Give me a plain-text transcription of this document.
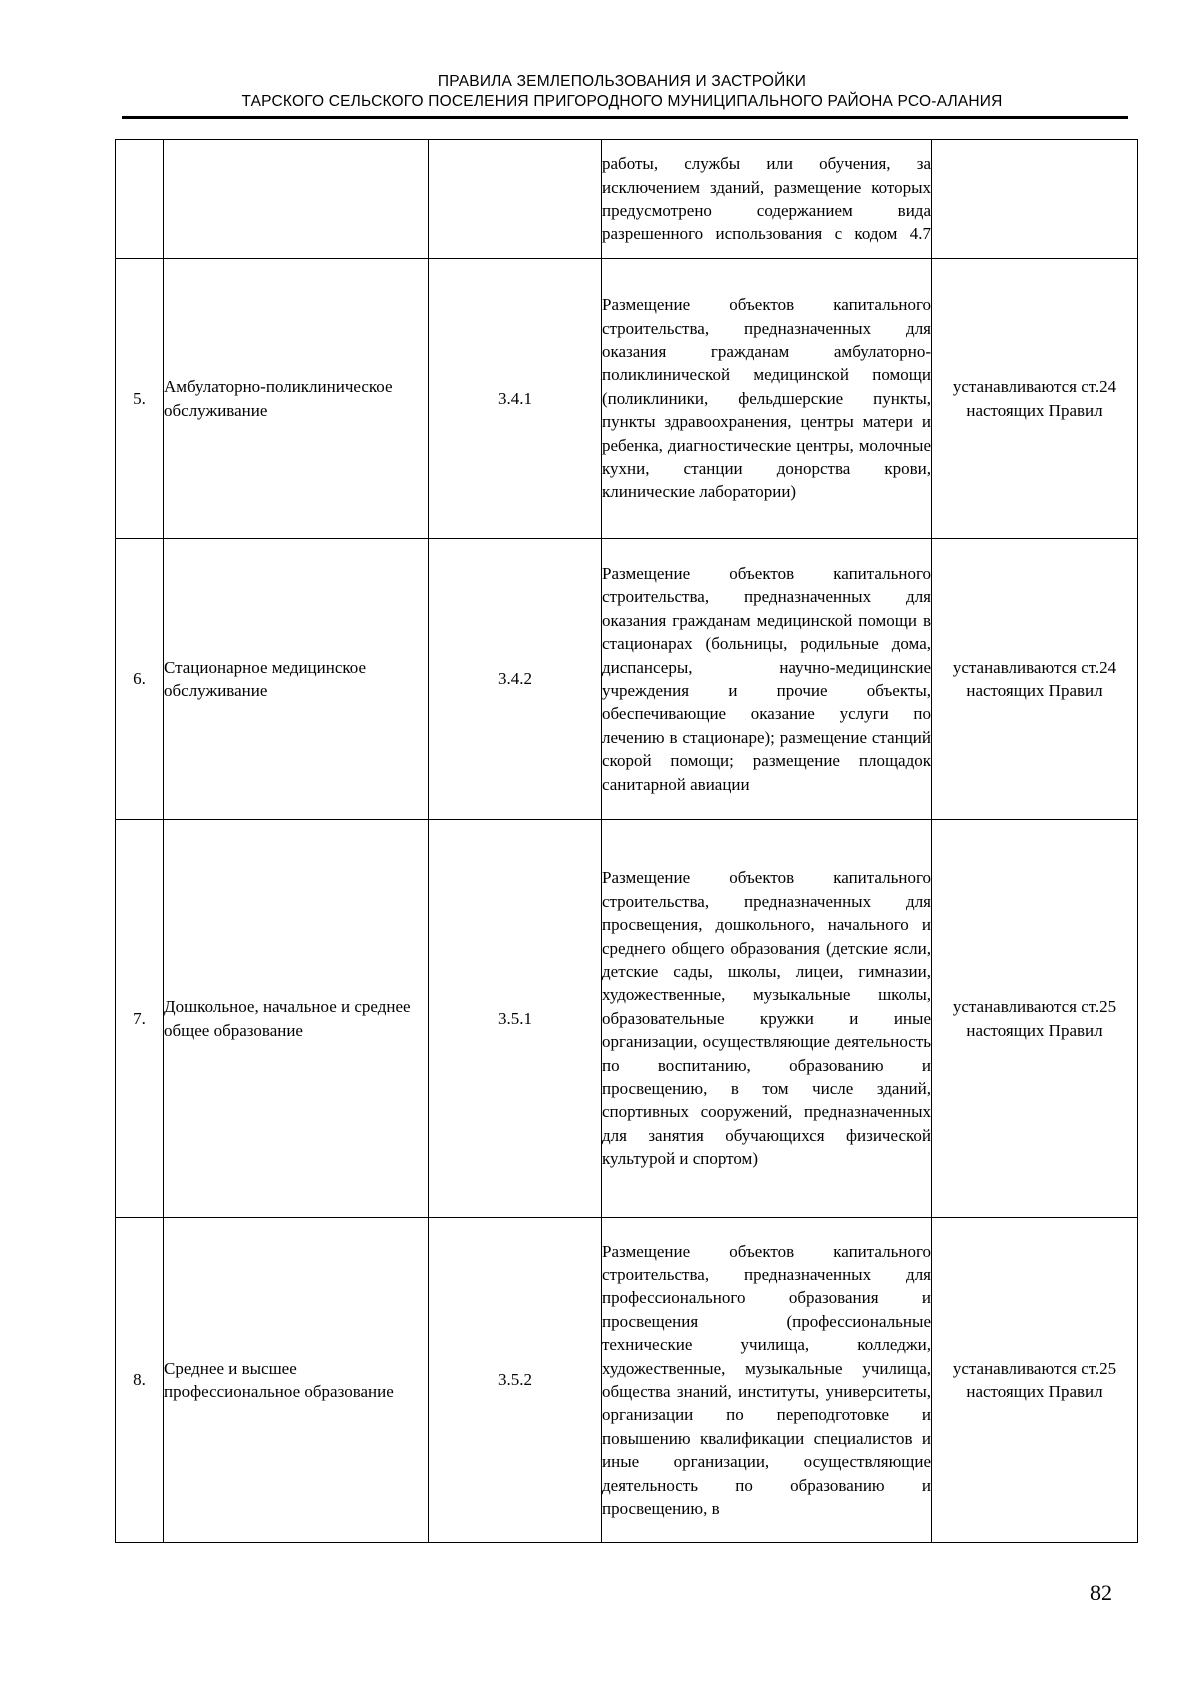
ПРАВИЛА ЗЕМЛЕПОЛЬЗОВАНИЯ И ЗАСТРОЙКИ
ТАРСКОГО СЕЛЬСКОГО ПОСЕЛЕНИЯ ПРИГОРОДНОГО МУНИЦИПАЛЬНОГО РАЙОНА РСО-АЛАНИЯ
			работы, службы или обучения, за исключением зданий, размещение которых предусмотрено содержанием вида разрешенного использования с кодом 4.7	
5.	Амбулаторно-поликлиническое обслуживание	3.4.1	Размещение объектов капитального строительства, предназначенных для оказания гражданам амбулаторно-поликлинической медицинской помощи (поликлиники, фельдшерские пункты, пункты здравоохранения, центры матери и ребенка, диагностические центры, молочные кухни, станции донорства крови, клинические лаборатории)	устанавливаются ст.24 настоящих Правил
6.	Стационарное медицинское обслуживание	3.4.2	Размещение объектов капитального строительства, предназначенных для оказания гражданам медицинской помощи в стационарах (больницы, родильные дома, диспансеры, научно-медицинские учреждения и прочие объекты, обеспечивающие оказание услуги по лечению в стационаре); размещение станций скорой помощи; размещение площадок санитарной авиации	устанавливаются ст.24 настоящих Правил
7.	Дошкольное, начальное и среднее общее образование	3.5.1	Размещение объектов капитального строительства, предназначенных для просвещения, дошкольного, начального и среднего общего образования (детские ясли, детские сады, школы, лицеи, гимназии, художественные, музыкальные школы, образовательные кружки и иные организации, осуществляющие деятельность по воспитанию, образованию и просвещению, в том числе зданий, спортивных сооружений, предназначенных для занятия обучающихся физической культурой и спортом)	устанавливаются ст.25 настоящих Правил
8.	Среднее и высшее профессиональное образование	3.5.2	Размещение объектов капитального строительства, предназначенных для профессионального образования и просвещения (профессиональные технические училища, колледжи, художественные, музыкальные училища, общества знаний, институты, университеты, организации по переподготовке и повышению квалификации специалистов и иные организации, осуществляющие деятельность по образованию и просвещению, в	устанавливаются ст.25 настоящих Правил
82
